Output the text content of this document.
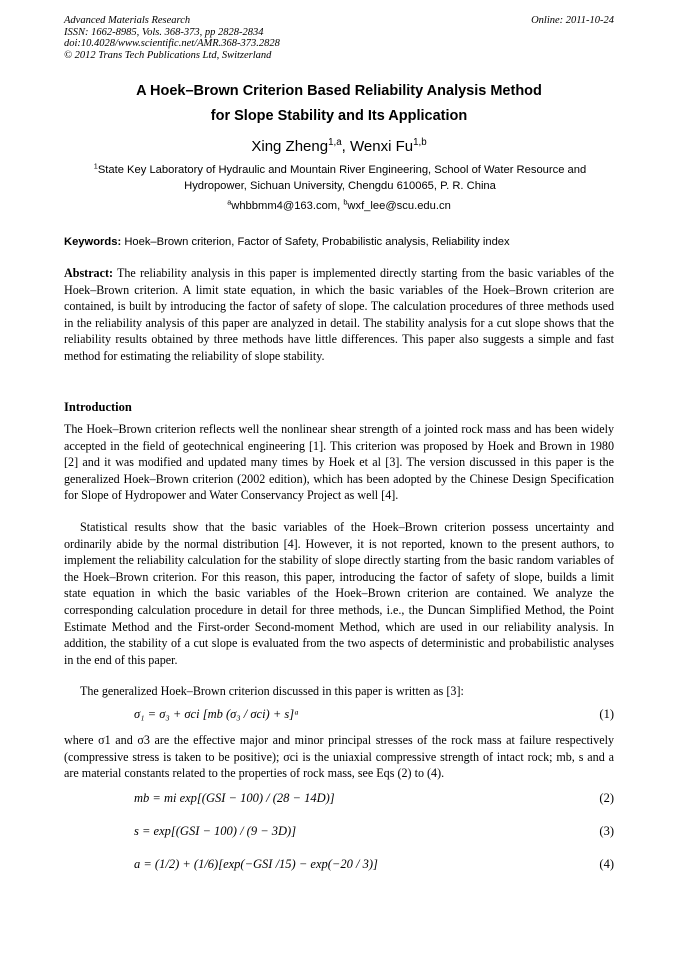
Advanced Materials Research
ISSN: 1662-8985, Vols. 368-373, pp 2828-2834
doi:10.4028/www.scientific.net/AMR.368-373.2828
© 2012 Trans Tech Publications Ltd, Switzerland
Online: 2011-10-24
A Hoek–Brown Criterion Based Reliability Analysis Method
for Slope Stability and Its Application
Xing Zheng$^{1,a}$, Wenxi Fu$^{1,b}$
$^1$State Key Laboratory of Hydraulic and Mountain River Engineering, School of Water Resource and Hydropower, Sichuan University, Chengdu 610065, P. R. China
$^a$whbbmm4@163.com, $^b$wxf_lee@scu.edu.cn
Keywords: Hoek–Brown criterion, Factor of Safety, Probabilistic analysis, Reliability index

Abstract: The reliability analysis in this paper is implemented directly starting from the basic variables of the Hoek–Brown criterion. A limit state equation, in which the basic variables of the Hoek–Brown criterion are contained, is built by introducing the factor of safety of slope. The calculation procedures of three methods used in the reliability analysis of this paper are analyzed in detail. The stability analysis for a cut slope shows that the reliability results obtained by three methods have little differences. This paper also suggests a simple and fast method for estimating the reliability of slope stability.

Introduction

The Hoek–Brown criterion reflects well the nonlinear shear strength of a jointed rock mass and has been widely accepted in the field of geotechnical engineering [1]. This criterion was proposed by Hoek and Brown in 1980 [2] and it was modified and updated many times by Hoek et al [3]. The version discussed in this paper is the generalized Hoek–Brown criterion (2002 edition), which has been adopted by the Chinese Design Specification for Slope of Hydropower and Water Conservancy Project as well [4].

Statistical results show that the basic variables of the Hoek–Brown criterion possess uncertainty and ordinarily abide by the normal distribution [4]. However, it is not reported, known to the present authors, to implement the reliability calculation for the stability of slope directly starting from the basic random variables of the Hoek–Brown criterion. For this reason, this paper, introducing the factor of safety of slope, builds a limit state equation in which the basic variables of the Hoek–Brown criterion are contained. We analyze the corresponding calculation procedure in detail for three methods, i.e., the Duncan Simplified Method, the Point Estimate Method and the First-order Second-moment Method, which are used in our reliability analysis. In addition, the stability of a cut slope is evaluated from the two aspects of deterministic and probabilistic analyses in the end of this paper.

The generalized Hoek–Brown criterion discussed in this paper is written as [3]:

σ₁ = σ₃ + σci [mb (σ₃ / σci) + s]ᵃ	(1)

where σ1 and σ3 are the effective major and minor principal stresses of the rock mass at failure respectively (compressive stress is taken to be positive); σci is the uniaxial compressive strength of intact rock; mb, s and a are material constants related to the properties of rock mass, see Eqs (2) to (4).

mb = mi exp[(GSI − 100) / (28 − 14D)]	(2)
s = exp[(GSI − 100) / (9 − 3D)]	(3)
a = (1/2) + (1/6)[exp(−GSI /15) − exp(−20 / 3)]	(4)
